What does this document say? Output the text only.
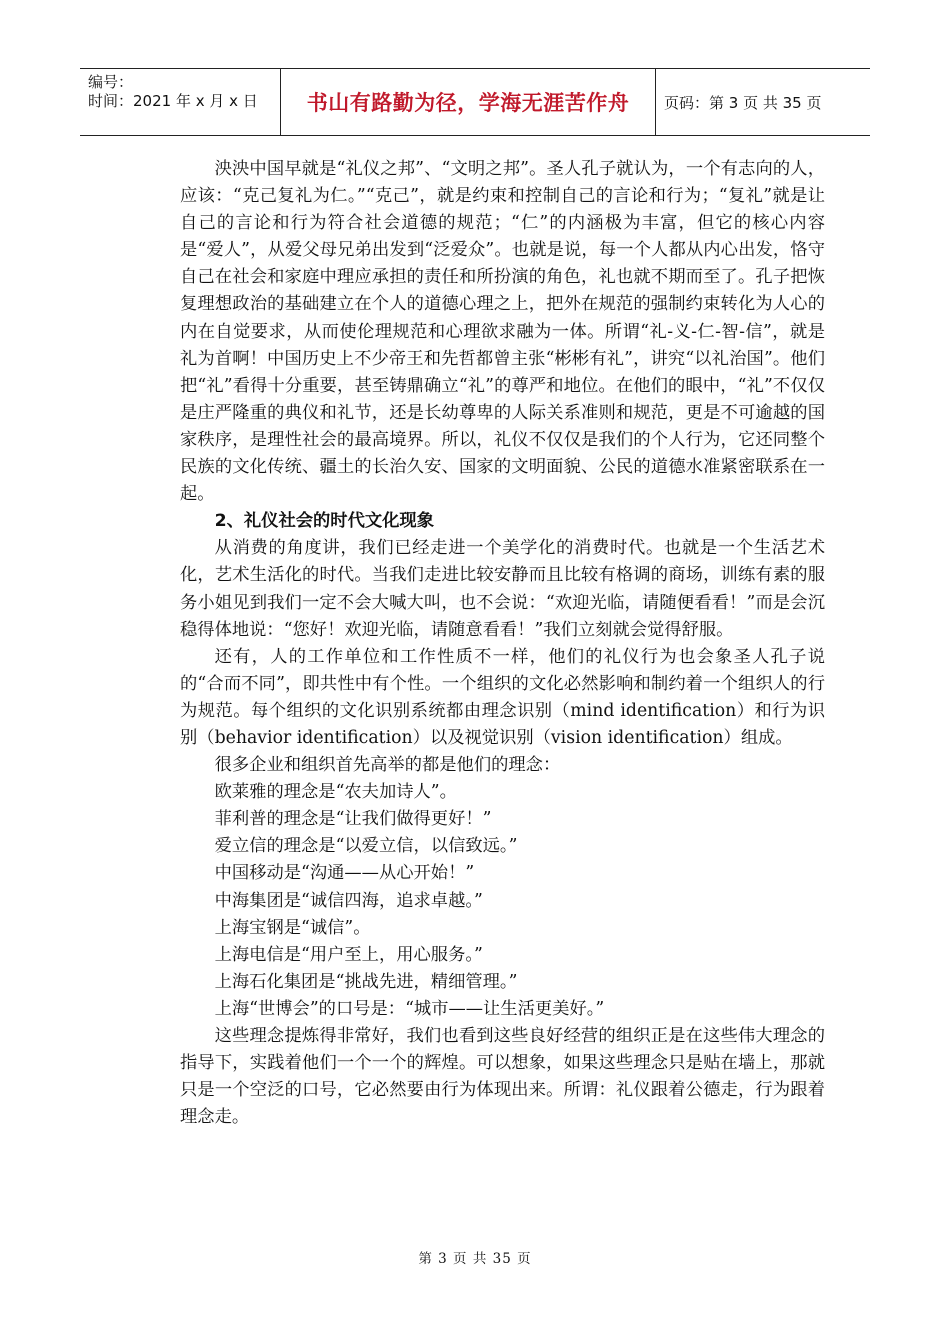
编号：
时间：2021 年 x 月 x 日	书山有路勤为径，学海无涯苦作舟	页码：第 3 页 共 35 页

泱泱中国早就是“礼仪之邦”、“文明之邦”。圣人孔子就认为，一个有志向的人，应该：“克己复礼为仁。”“克己”，就是约束和控制自己的言论和行为；“复礼”就是让自己的言论和行为符合社会道德的规范；“仁”的内涵极为丰富，但它的核心内容是“爱人”，从爱父母兄弟出发到“泛爱众”。也就是说，每一个人都从内心出发，恪守自己在社会和家庭中理应承担的责任和所扮演的角色，礼也就不期而至了。孔子把恢复理想政治的基础建立在个人的道德心理之上，把外在规范的强制约束转化为人心的内在自觉要求，从而使伦理规范和心理欲求融为一体。所谓“礼-义-仁-智-信”，就是礼为首啊！中国历史上不少帝王和先哲都曾主张“彬彬有礼”，讲究“以礼治国”。他们把“礼”看得十分重要，甚至铸鼎确立“礼”的尊严和地位。在他们的眼中，“礼”不仅仅是庄严隆重的典仪和礼节，还是长幼尊卑的人际关系准则和规范，更是不可逾越的国家秩序，是理性社会的最高境界。所以，礼仪不仅仅是我们的个人行为，它还同整个民族的文化传统、疆土的长治久安、国家的文明面貌、公民的道德水准紧密联系在一起。

2、礼仪社会的时代文化现象

从消费的角度讲，我们已经走进一个美学化的消费时代。也就是一个生活艺术化，艺术生活化的时代。当我们走进比较安静而且比较有格调的商场，训练有素的服务小姐见到我们一定不会大喊大叫，也不会说：“欢迎光临，请随便看看！”而是会沉稳得体地说：“您好！欢迎光临，请随意看看！”我们立刻就会觉得舒服。

还有，人的工作单位和工作性质不一样，他们的礼仪行为也会象圣人孔子说的“合而不同”，即共性中有个性。一个组织的文化必然影响和制约着一个组织人的行为规范。每个组织的文化识别系统都由理念识别（mind identification）和行为识别（behavior identification）以及视觉识别（vision identification）组成。

很多企业和组织首先高举的都是他们的理念：

欧莱雅的理念是“农夫加诗人”。

菲利普的理念是“让我们做得更好！”

爱立信的理念是“以爱立信，以信致远。”

中国移动是“沟通——从心开始！”

中海集团是“诚信四海，追求卓越。”

上海宝钢是“诚信”。

上海电信是“用户至上，用心服务。”

上海石化集团是“挑战先进，精细管理。”

上海“世博会”的口号是：“城市——让生活更美好。”

这些理念提炼得非常好，我们也看到这些良好经营的组织正是在这些伟大理念的指导下，实践着他们一个一个的辉煌。可以想象，如果这些理念只是贴在墙上，那就只是一个空泛的口号，它必然要由行为体现出来。所谓：礼仪跟着公德走，行为跟着理念走。

第 3 页 共 35 页
